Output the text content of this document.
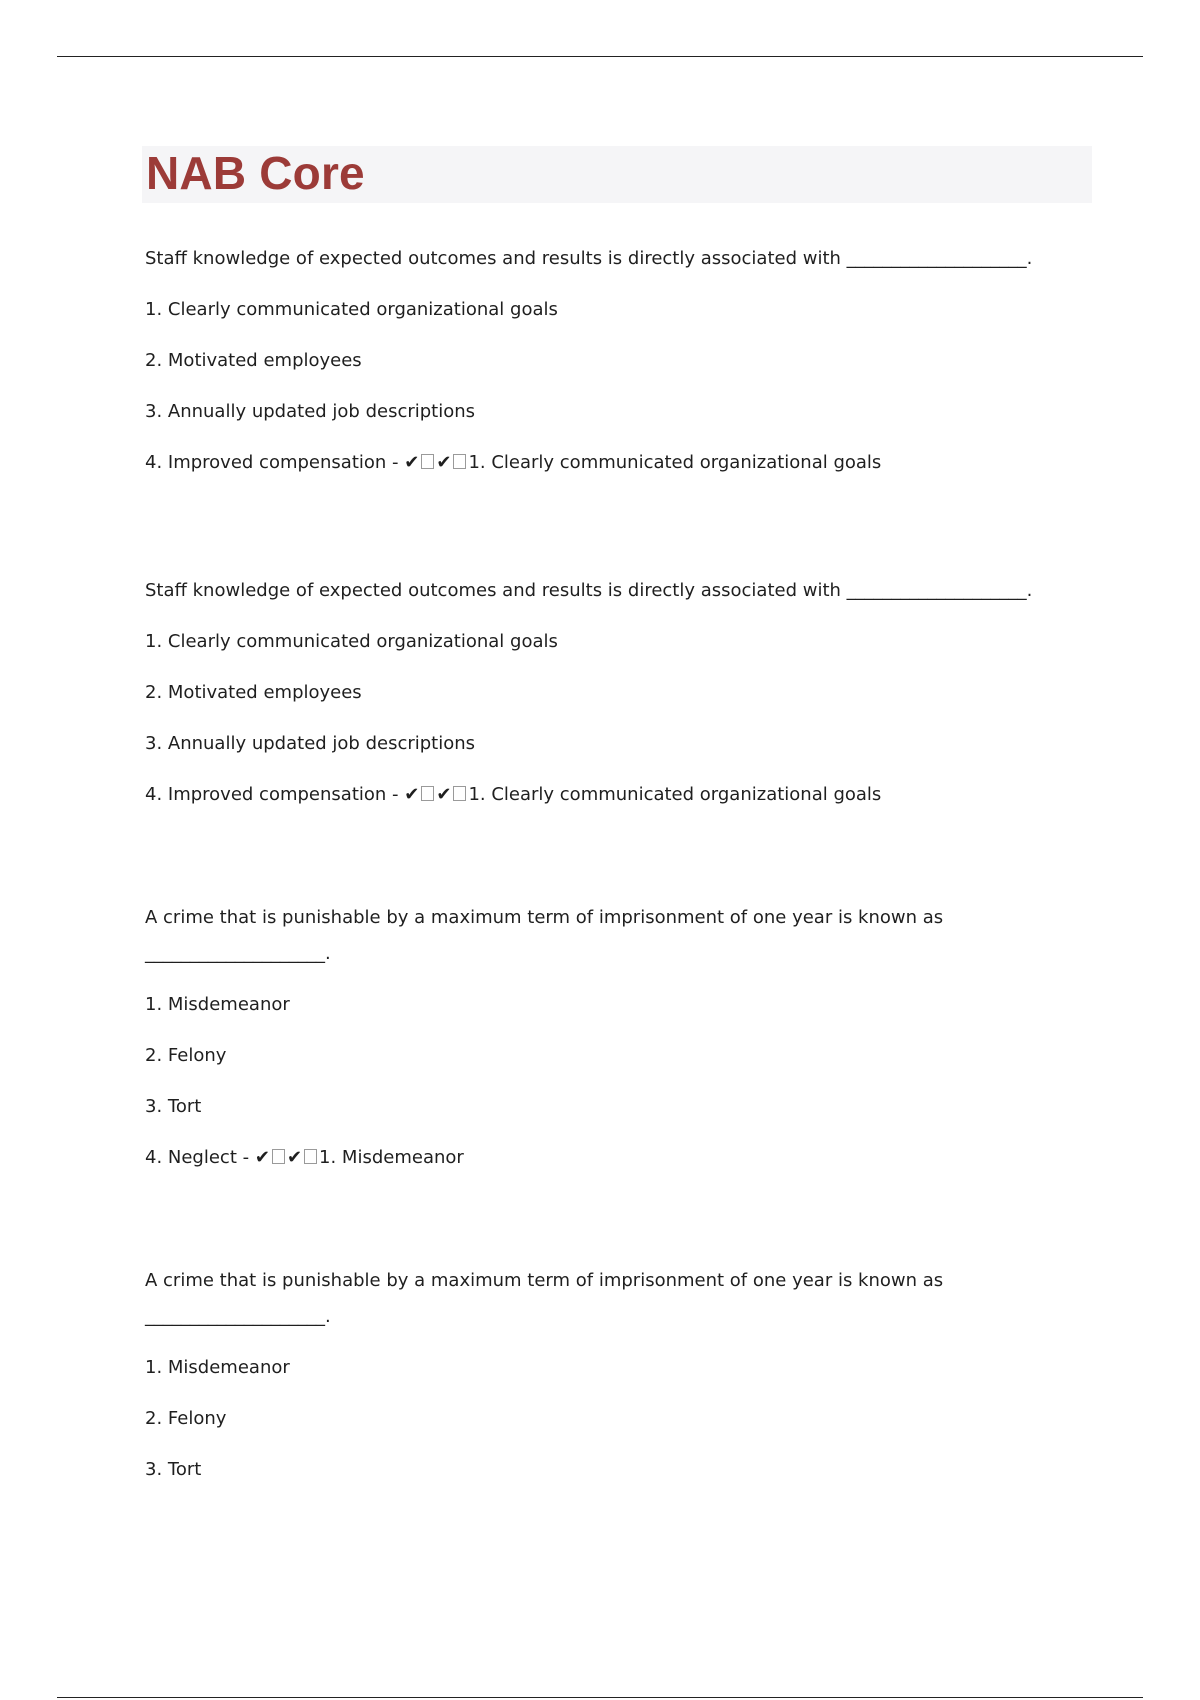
NAB Core
Staff knowledge of expected outcomes and results is directly associated with ____________________.
1. Clearly communicated organizational goals
2. Motivated employees
3. Annually updated job descriptions
4. Improved compensation - ✔ ✔ 1. Clearly communicated organizational goals
Staff knowledge of expected outcomes and results is directly associated with ____________________.
1. Clearly communicated organizational goals
2. Motivated employees
3. Annually updated job descriptions
4. Improved compensation - ✔ ✔ 1. Clearly communicated organizational goals
A crime that is punishable by a maximum term of imprisonment of one year is known as
____________________.
1. Misdemeanor
2. Felony
3. Tort
4. Neglect - ✔ ✔ 1. Misdemeanor
A crime that is punishable by a maximum term of imprisonment of one year is known as
____________________.
1. Misdemeanor
2. Felony
3. Tort
